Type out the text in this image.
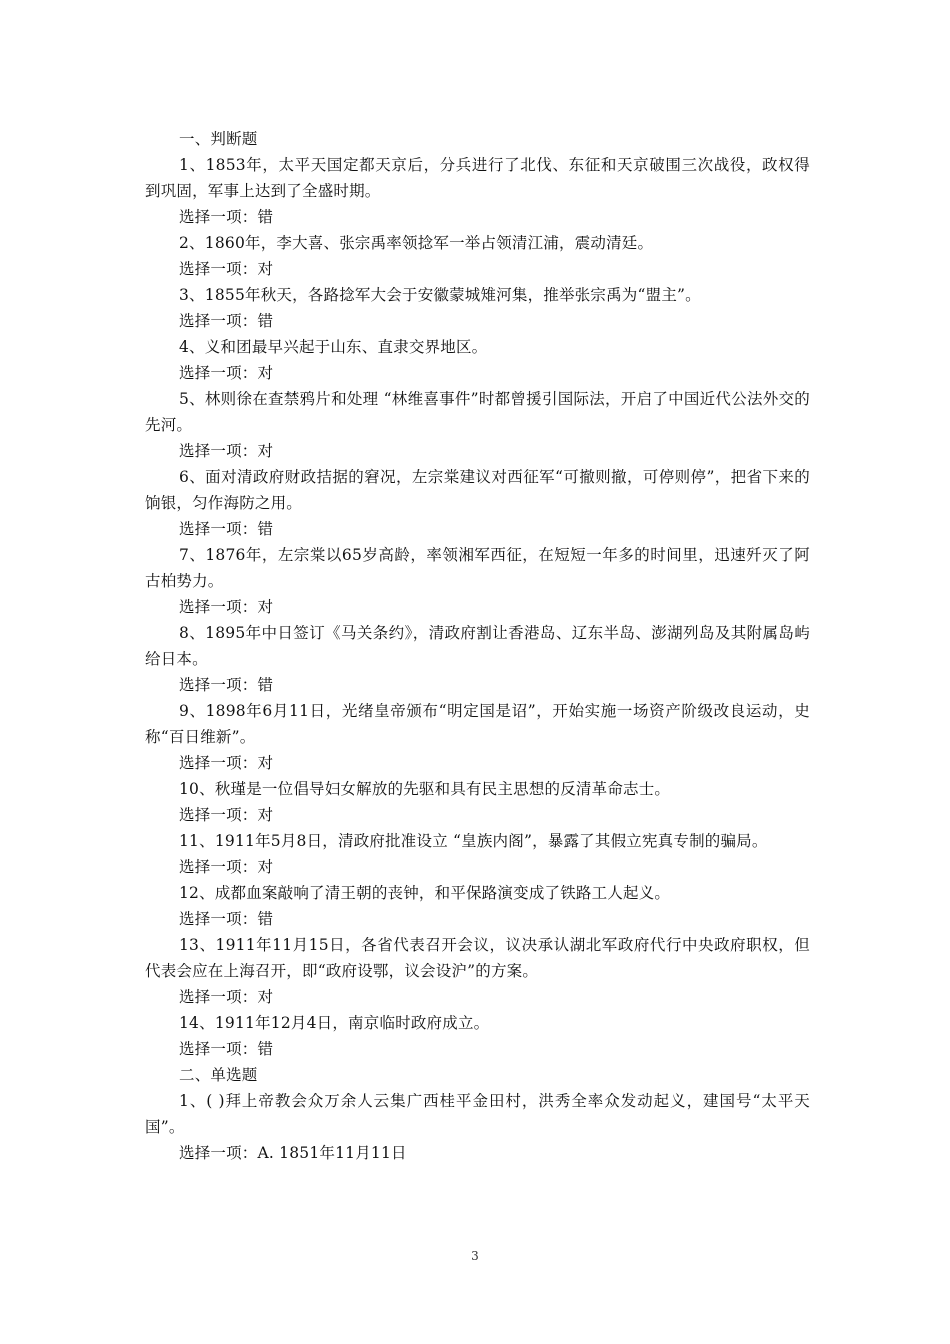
一、判断题

1、1853年，太平天国定都天京后，分兵进行了北伐、东征和天京破围三次战役，政权得到巩固，军事上达到了全盛时期。

选择一项：错

2、1860年，李大喜、张宗禹率领捻军一举占领清江浦，震动清廷。

选择一项：对

3、1855年秋天，各路捻军大会于安徽蒙城雉河集，推举张宗禹为“盟主”。

选择一项：错

4、义和团最早兴起于山东、直隶交界地区。

选择一项：对

5、林则徐在查禁鸦片和处理 “林维喜事件”时都曾援引国际法，开启了中国近代公法外交的先河。

选择一项：对

6、面对清政府财政拮据的窘况，左宗棠建议对西征军“可撤则撤，可停则停”，把省下来的饷银，匀作海防之用。

选择一项：错

7、1876年，左宗棠以65岁高龄，率领湘军西征，在短短一年多的时间里，迅速歼灭了阿古柏势力。

选择一项：对

8、1895年中日签订《马关条约》，清政府割让香港岛、辽东半岛、澎湖列岛及其附属岛屿给日本。

选择一项：错

9、1898年6月11日，光绪皇帝颁布“明定国是诏”，开始实施一场资产阶级改良运动，史称“百日维新”。

选择一项：对

10、秋瑾是一位倡导妇女解放的先驱和具有民主思想的反清革命志士。

选择一项：对

11、1911年5月8日，清政府批准设立 “皇族内阁”，暴露了其假立宪真专制的骗局。

选择一项：对

12、成都血案敲响了清王朝的丧钟，和平保路演变成了铁路工人起义。

选择一项：错

13、1911年11月15日，各省代表召开会议，议决承认湖北军政府代行中央政府职权，但代表会应在上海召开，即“政府设鄂，议会设沪”的方案。

选择一项：对

14、1911年12月4日，南京临时政府成立。

选择一项：错

二、单选题

1、( )拜上帝教会众万余人云集广西桂平金田村，洪秀全率众发动起义，建国号“太平天国”。

选择一项：A. 1851年11月11日

3
